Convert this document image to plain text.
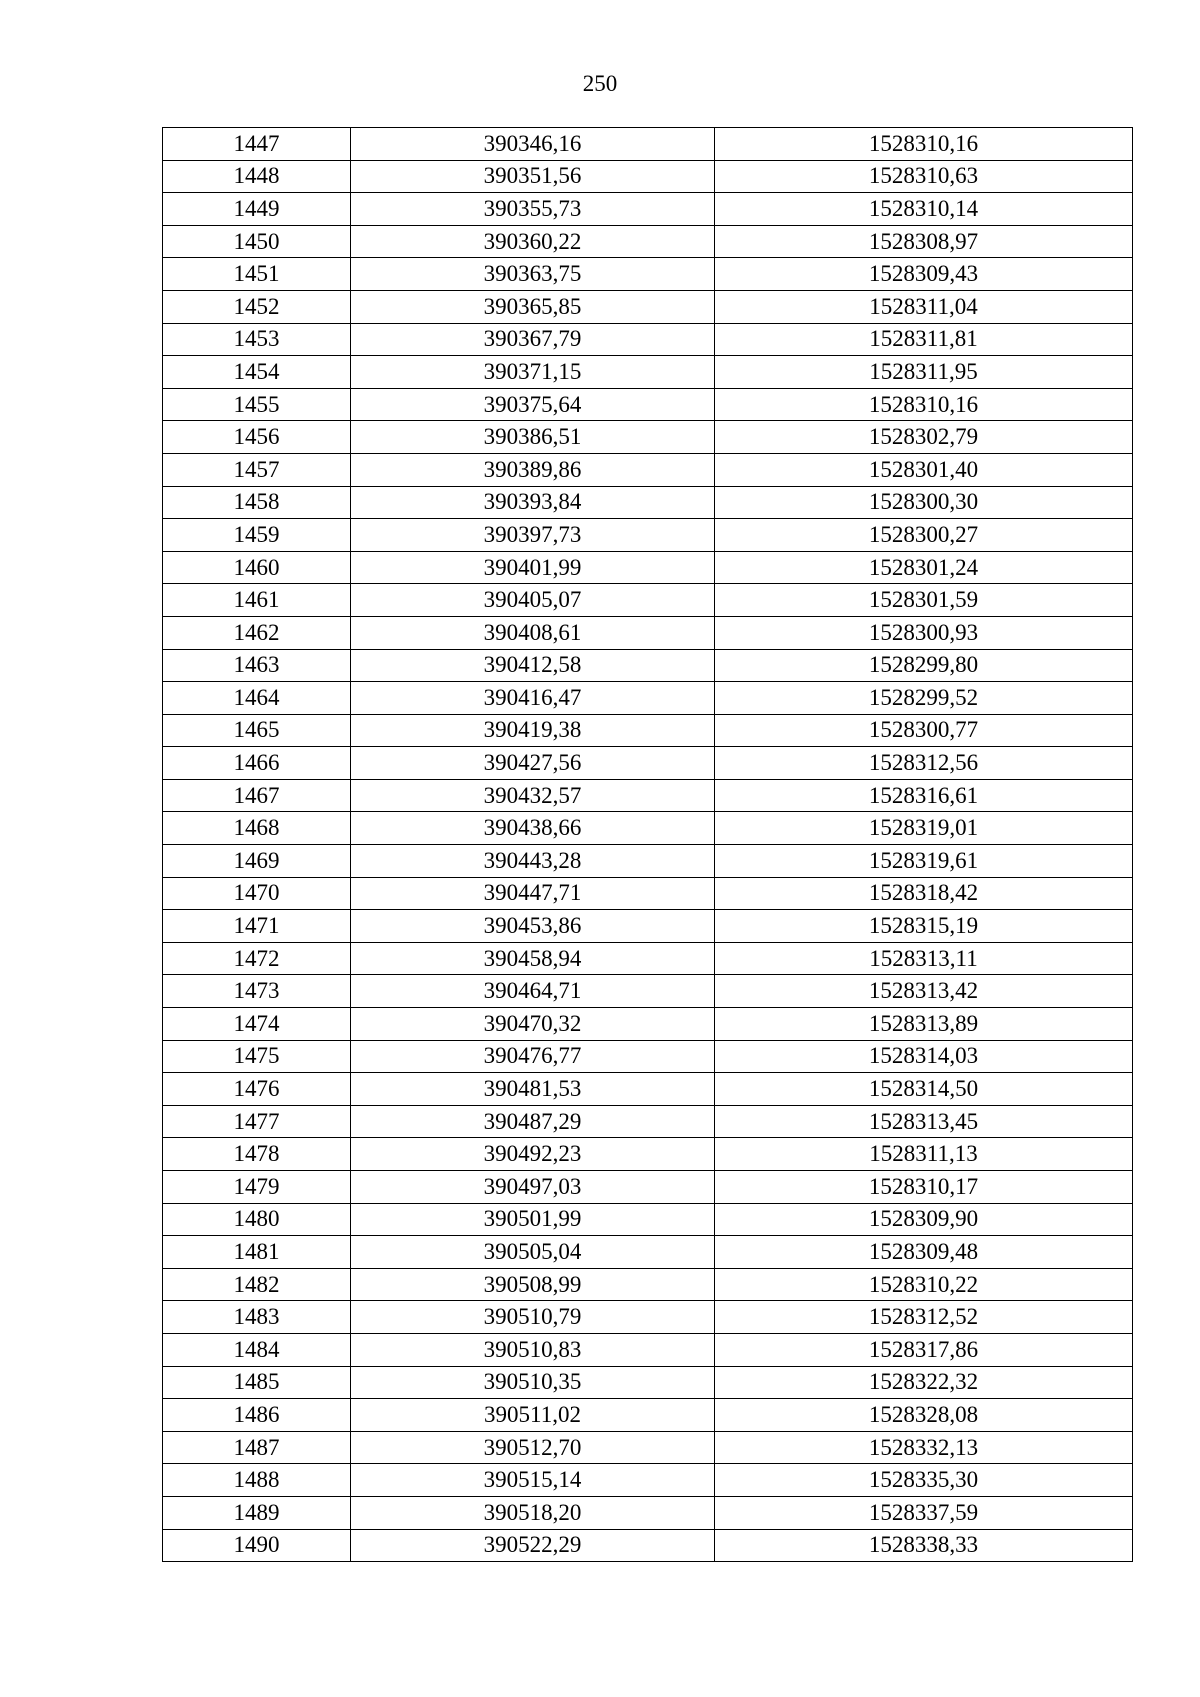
250
1447	390346,16	1528310,16
1448	390351,56	1528310,63
1449	390355,73	1528310,14
1450	390360,22	1528308,97
1451	390363,75	1528309,43
1452	390365,85	1528311,04
1453	390367,79	1528311,81
1454	390371,15	1528311,95
1455	390375,64	1528310,16
1456	390386,51	1528302,79
1457	390389,86	1528301,40
1458	390393,84	1528300,30
1459	390397,73	1528300,27
1460	390401,99	1528301,24
1461	390405,07	1528301,59
1462	390408,61	1528300,93
1463	390412,58	1528299,80
1464	390416,47	1528299,52
1465	390419,38	1528300,77
1466	390427,56	1528312,56
1467	390432,57	1528316,61
1468	390438,66	1528319,01
1469	390443,28	1528319,61
1470	390447,71	1528318,42
1471	390453,86	1528315,19
1472	390458,94	1528313,11
1473	390464,71	1528313,42
1474	390470,32	1528313,89
1475	390476,77	1528314,03
1476	390481,53	1528314,50
1477	390487,29	1528313,45
1478	390492,23	1528311,13
1479	390497,03	1528310,17
1480	390501,99	1528309,90
1481	390505,04	1528309,48
1482	390508,99	1528310,22
1483	390510,79	1528312,52
1484	390510,83	1528317,86
1485	390510,35	1528322,32
1486	390511,02	1528328,08
1487	390512,70	1528332,13
1488	390515,14	1528335,30
1489	390518,20	1528337,59
1490	390522,29	1528338,33
